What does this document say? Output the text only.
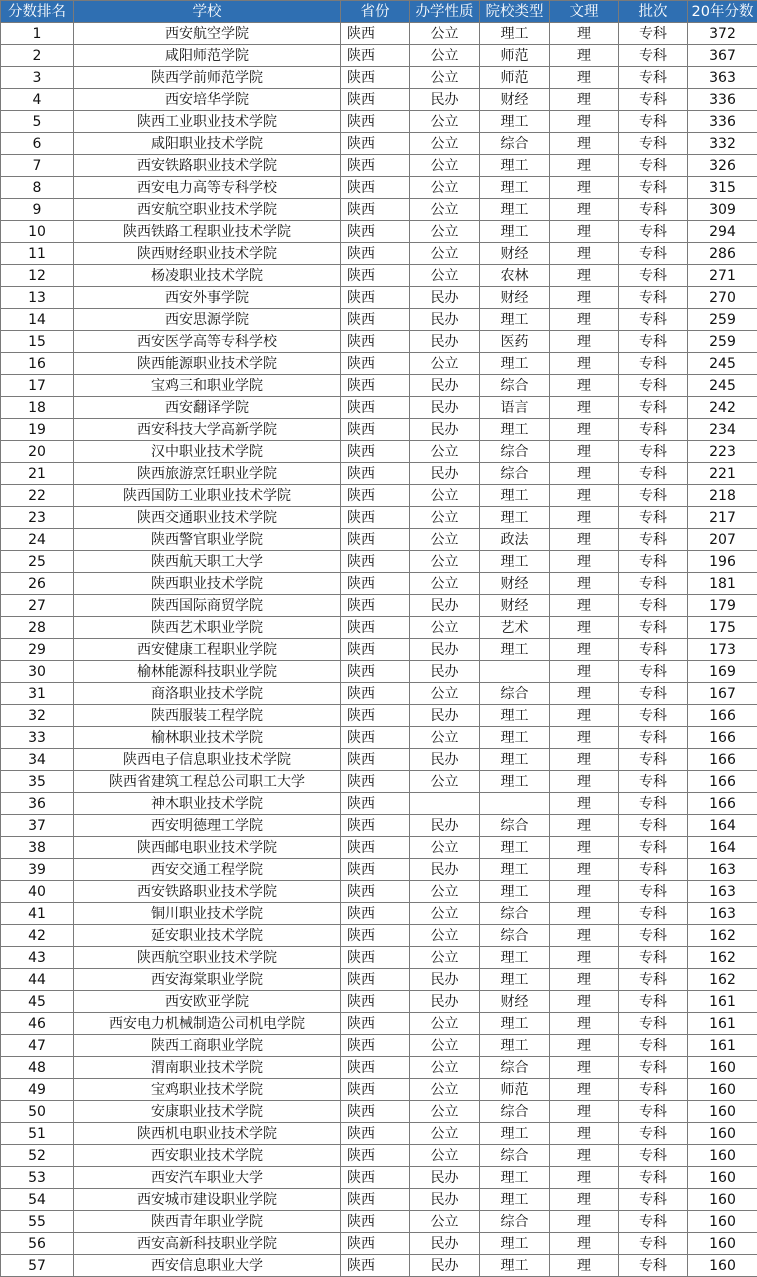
分数排名	学校	省份	办学性质	院校类型	文理	批次	20年分数
1	西安航空学院	陕西	公立	理工	理	专科	372
2	咸阳师范学院	陕西	公立	师范	理	专科	367
3	陕西学前师范学院	陕西	公立	师范	理	专科	363
4	西安培华学院	陕西	民办	财经	理	专科	336
5	陕西工业职业技术学院	陕西	公立	理工	理	专科	336
6	咸阳职业技术学院	陕西	公立	综合	理	专科	332
7	西安铁路职业技术学院	陕西	公立	理工	理	专科	326
8	西安电力高等专科学校	陕西	公立	理工	理	专科	315
9	西安航空职业技术学院	陕西	公立	理工	理	专科	309
10	陕西铁路工程职业技术学院	陕西	公立	理工	理	专科	294
11	陕西财经职业技术学院	陕西	公立	财经	理	专科	286
12	杨凌职业技术学院	陕西	公立	农林	理	专科	271
13	西安外事学院	陕西	民办	财经	理	专科	270
14	西安思源学院	陕西	民办	理工	理	专科	259
15	西安医学高等专科学校	陕西	民办	医药	理	专科	259
16	陕西能源职业技术学院	陕西	公立	理工	理	专科	245
17	宝鸡三和职业学院	陕西	民办	综合	理	专科	245
18	西安翻译学院	陕西	民办	语言	理	专科	242
19	西安科技大学高新学院	陕西	民办	理工	理	专科	234
20	汉中职业技术学院	陕西	公立	综合	理	专科	223
21	陕西旅游烹饪职业学院	陕西	民办	综合	理	专科	221
22	陕西国防工业职业技术学院	陕西	公立	理工	理	专科	218
23	陕西交通职业技术学院	陕西	公立	理工	理	专科	217
24	陕西警官职业学院	陕西	公立	政法	理	专科	207
25	陕西航天职工大学	陕西	公立	理工	理	专科	196
26	陕西职业技术学院	陕西	公立	财经	理	专科	181
27	陕西国际商贸学院	陕西	民办	财经	理	专科	179
28	陕西艺术职业学院	陕西	公立	艺术	理	专科	175
29	西安健康工程职业学院	陕西	民办	理工	理	专科	173
30	榆林能源科技职业学院	陕西	民办		理	专科	169
31	商洛职业技术学院	陕西	公立	综合	理	专科	167
32	陕西服装工程学院	陕西	民办	理工	理	专科	166
33	榆林职业技术学院	陕西	公立	理工	理	专科	166
34	陕西电子信息职业技术学院	陕西	民办	理工	理	专科	166
35	陕西省建筑工程总公司职工大学	陕西	公立	理工	理	专科	166
36	神木职业技术学院	陕西			理	专科	166
37	西安明德理工学院	陕西	民办	综合	理	专科	164
38	陕西邮电职业技术学院	陕西	公立	理工	理	专科	164
39	西安交通工程学院	陕西	民办	理工	理	专科	163
40	西安铁路职业技术学院	陕西	公立	理工	理	专科	163
41	铜川职业技术学院	陕西	公立	综合	理	专科	163
42	延安职业技术学院	陕西	公立	综合	理	专科	162
43	陕西航空职业技术学院	陕西	公立	理工	理	专科	162
44	西安海棠职业学院	陕西	民办	理工	理	专科	162
45	西安欧亚学院	陕西	民办	财经	理	专科	161
46	西安电力机械制造公司机电学院	陕西	公立	理工	理	专科	161
47	陕西工商职业学院	陕西	公立	理工	理	专科	161
48	渭南职业技术学院	陕西	公立	综合	理	专科	160
49	宝鸡职业技术学院	陕西	公立	师范	理	专科	160
50	安康职业技术学院	陕西	公立	综合	理	专科	160
51	陕西机电职业技术学院	陕西	公立	理工	理	专科	160
52	西安职业技术学院	陕西	公立	综合	理	专科	160
53	西安汽车职业大学	陕西	民办	理工	理	专科	160
54	西安城市建设职业学院	陕西	民办	理工	理	专科	160
55	陕西青年职业学院	陕西	公立	综合	理	专科	160
56	西安高新科技职业学院	陕西	民办	理工	理	专科	160
57	西安信息职业大学	陕西	民办	理工	理	专科	160
